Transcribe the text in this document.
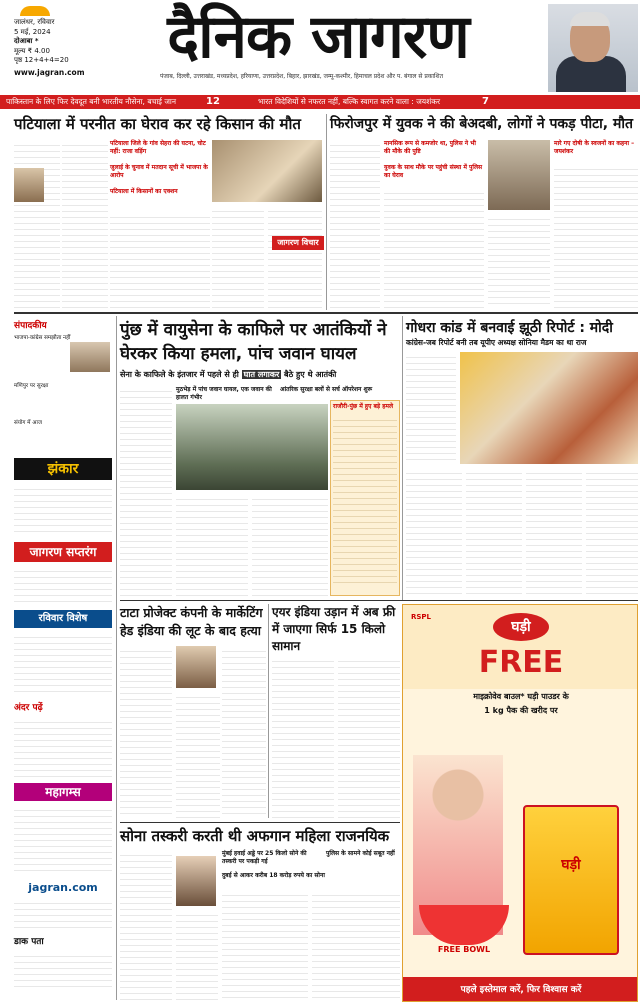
जालंधर, रविवार
5 मई, 2024
दोआबा *
मूल्य ₹ 4.00
पृष्ठ 12+4+4=20
www.jagran.com	दैनिक जागरण
पंजाब, दिल्ली, उत्तराखंड, मध्यप्रदेश, हरियाणा, उत्तरप्रदेश, बिहार, झारखंड, जम्मू-कश्मीर, हिमाचल प्रदेश और प. बंगाल से प्रकाशित
पाकिस्तान के लिए फिर देवदूत बनी भारतीय नौसेना, बचाई जान	12	भारत विदेशियों से नफरत नहीं, बल्कि स्वागत करने वाला : जयशंकर	7
पटियाला में परनीत का घेराव कर रहे किसान की मौत
पटियाला जिले के गांव सेहरा की घटना, चोट नहीं: राजा वड़िंग
जुलाई के चुनाव में मतदान सूची में भाजपा के आरोप
पटियाला में किसानों का एक्शन
फिरोजपुर में युवक ने की बेअदबी, लोगों ने पकड़ पीटा, मौत
मानसिक रूप से कमजोर था, पुलिस ने भी की मौके की पुष्टि
युवक के साथ मौके पर पहुंची संस्था में पुलिस का घेराव
मारे गए दोषी के स्वजनों का कहना – जयशंकर
जागरण विचार
संपादकीय
भाजपा-कांग्रेस समझौता नहीं
मणिपुर पर सुरक्षा
संयोग में आज
झंकार
जागरण सप्तरंग
रविवार विशेष
अंदर पढ़ें
महागम्स
jagran.com
डाक पता
पुंछ में वायुसेना के काफिले पर आतंकियों ने घेरकर किया हमला, पांच जवान घायल
सेना के काफिले के इंतजार में पहले से ही घात लगाकर बैठे हुए थे आतंकी
मुठभेड़ में पांच जवान घायल, एक जवान की हालत गंभीर
आंतरिक सुरक्षा बलों से सर्च ऑपरेशन शुरू
राजौरी-पुंछ में हुए बड़े हमले
गोधरा कांड में बनवाई झूठी रिपोर्ट : मोदी
कांग्रेस-जब रिपोर्ट बनी तब यूपीए अध्यक्ष सोनिया मैडम का था राज
टाटा प्रोजेक्ट कंपनी के मार्केटिंग हेड इंडिया की लूट के बाद हत्या
एयर इंडिया उड़ान में अब फ्री में जाएगा सिर्फ 15 किलो सामान
सोना तस्करी करती थी अफगान महिला राजनयिक
मुंबई हवाई अड्डे पर 25 किलो सोने की तस्करी पर पकड़ी गई
पुलिस के सामने कोई सबूत नहीं
दुबई से आकर करीब 18 करोड़ रुपये का सोना
RSPL
घड़ी
FREE
माइक्रोवेव बाउल* घड़ी पाउडर के
1 kg पैक की खरीद पर
FREE BOWL
घड़ी
पहले इस्तेमाल करें, फिर विश्वास करें
